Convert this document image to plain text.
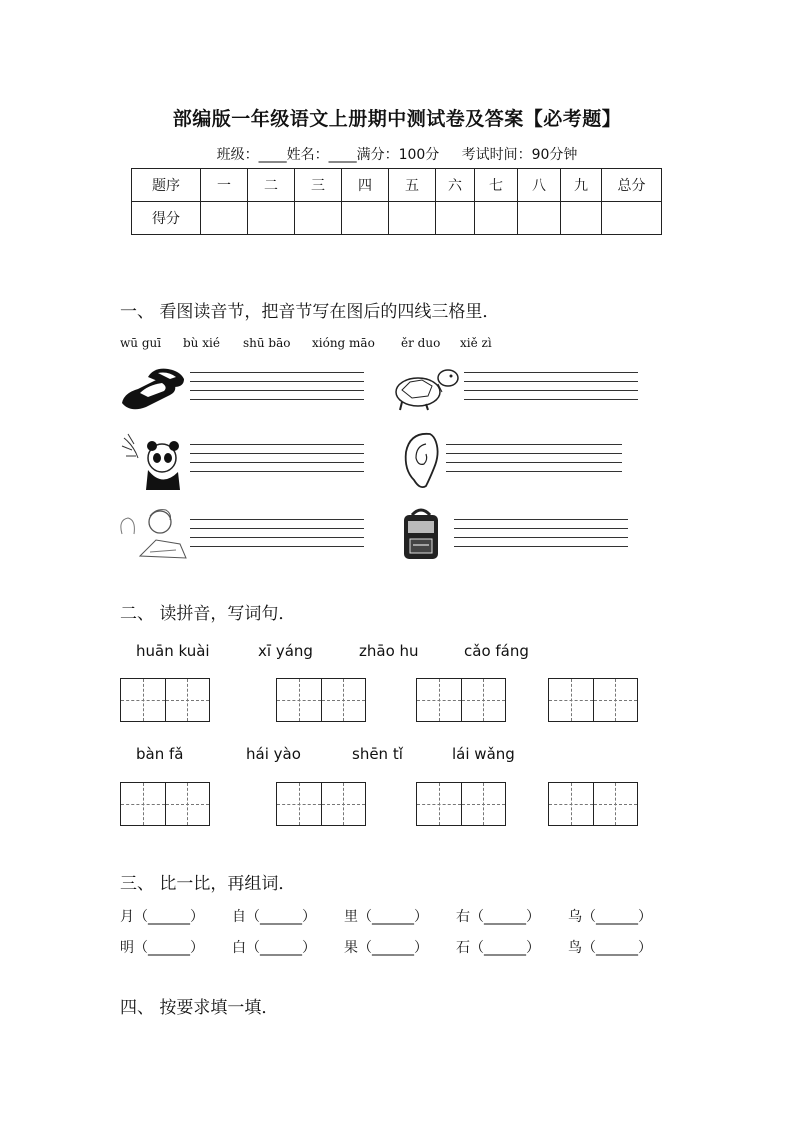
部编版一年级语文上册期中测试卷及答案【必考题】
班级：____姓名：____满分：100分 考试时间：90分钟
题序	一	二	三	四	五	六	七	八	九	总分
得分										
一、 看图读音节，把音节写在图后的四线三格里．
wū guī bù xié shū bāo xióng māo ěr duo xiě zì
二、 读拼音，写词句．
huān kuài	xī yáng	zhāo hu	cǎo fáng
bàn fǎ	hái yào	shēn tǐ	lái wǎng
三、 比一比，再组词．
月（______） 自（______） 里（______） 右（______） 乌（______）
明（______） 白（______） 果（______） 石（______） 鸟（______）
四、 按要求填一填．
